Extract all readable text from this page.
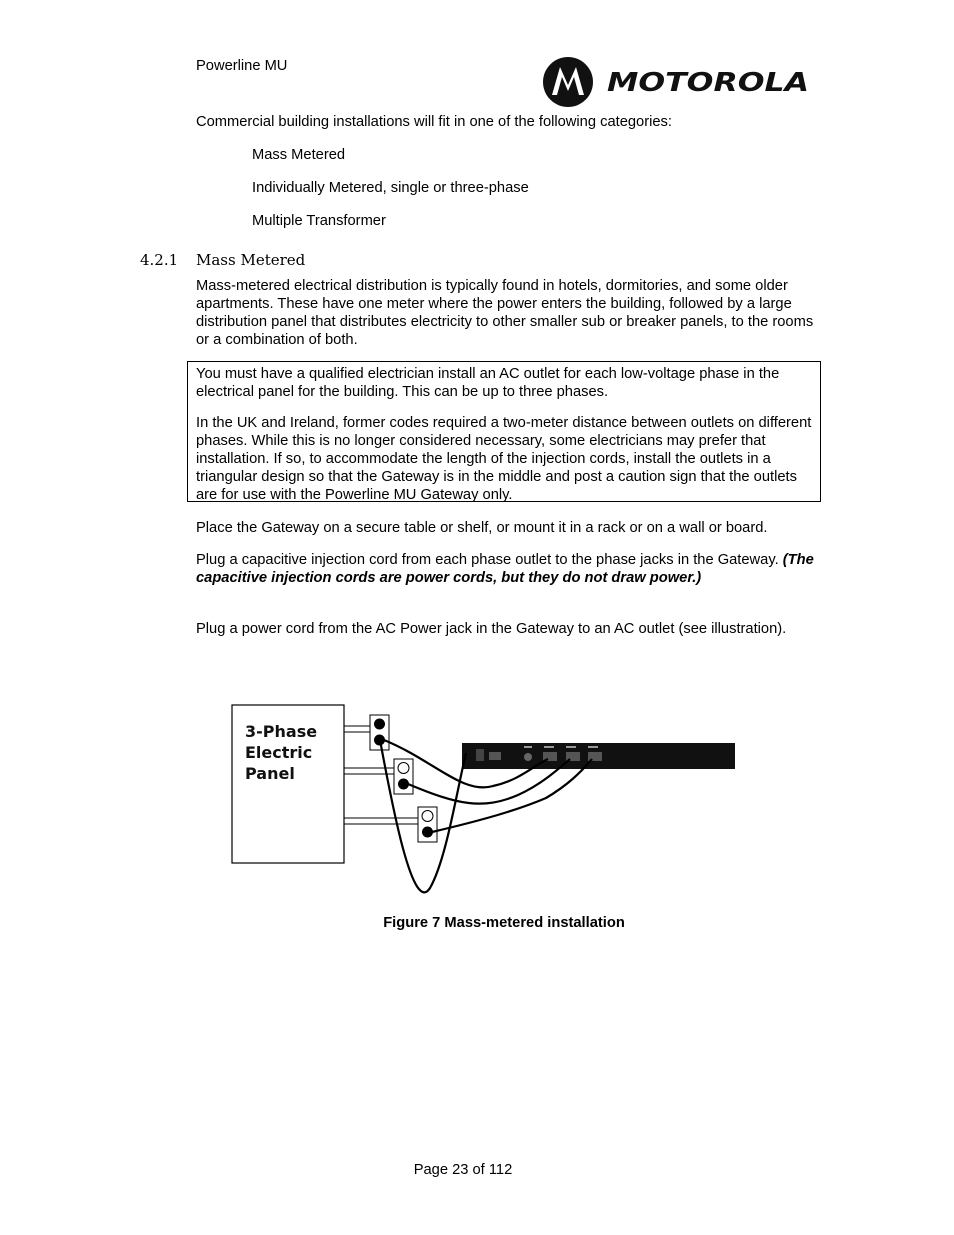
Powerline MU
MOTOROLA
Commercial building installations will fit in one of the following categories:
Mass Metered
Individually Metered, single or three-phase
Multiple Transformer
4.2.1 Mass Metered
Mass-metered electrical distribution is typically found in hotels, dormitories, and some older apartments. These have one meter where the power enters the building, followed by a large distribution panel that distributes electricity to other smaller sub or breaker panels, to the rooms or a combination of both.
You must have a qualified electrician install an AC outlet for each low-voltage phase in the electrical panel for the building. This can be up to three phases.
In the UK and Ireland, former codes required a two-meter distance between outlets on different phases. While this is no longer considered necessary, some electricians may prefer that installation. If so, to accommodate the length of the injection cords, install the outlets in a triangular design so that the Gateway is in the middle and post a caution sign that the outlets are for use with the Powerline MU Gateway only.
Place the Gateway on a secure table or shelf, or mount it in a rack or on a wall or board.
Plug a capacitive injection cord from each phase outlet to the phase jacks in the Gateway. (The capacitive injection cords are power cords, but they do not draw power.)
Plug a power cord from the AC Power jack in the Gateway to an AC outlet (see illustration).
3-Phase
Electric
Panel
Figure 7 Mass-metered installation
Page 23 of 112
